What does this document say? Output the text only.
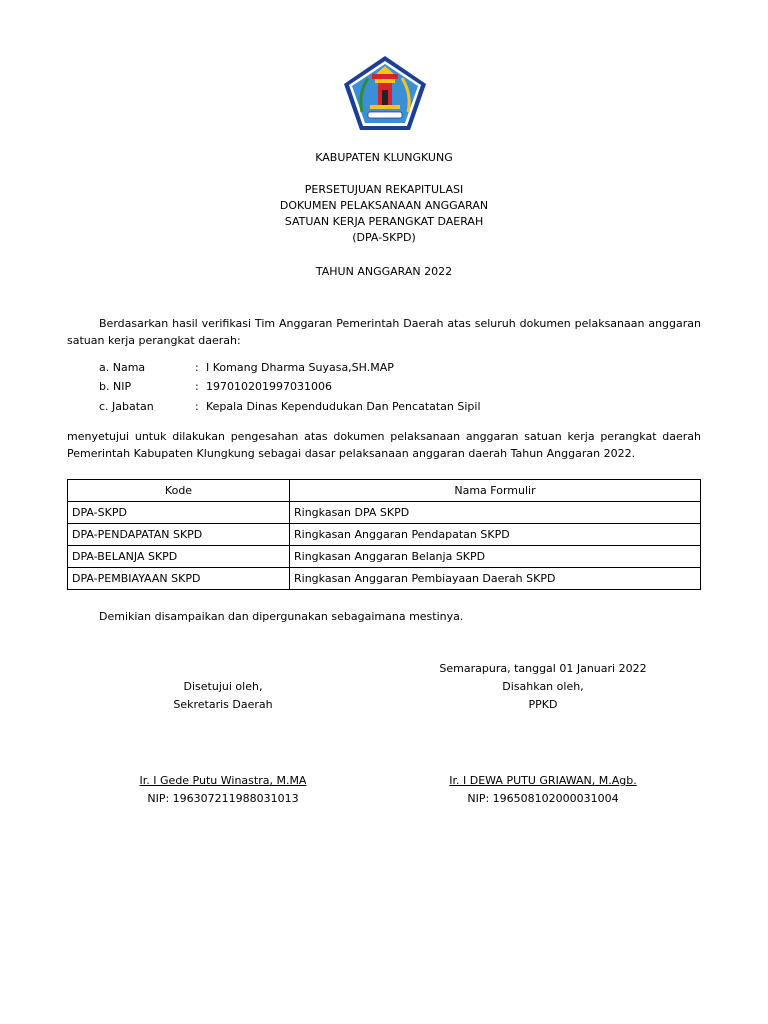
KABUPATEN KLUNGKUNG
PERSETUJUAN REKAPITULASI
DOKUMEN PELAKSANAAN ANGGARAN
SATUAN KERJA PERANGKAT DAERAH
(DPA-SKPD)
TAHUN ANGGARAN 2022
Berdasarkan hasil verifikasi Tim Anggaran Pemerintah Daerah atas seluruh dokumen pelaksanaan anggaran satuan kerja perangkat daerah:
a. Nama	: I Komang Dharma Suyasa,SH.MAP
b. NIP	: 197010201997031006
c. Jabatan	: Kepala Dinas Kependudukan Dan Pencatatan Sipil
menyetujui untuk dilakukan pengesahan atas dokumen pelaksanaan anggaran satuan kerja perangkat daerah Pemerintah Kabupaten Klungkung sebagai dasar pelaksanaan anggaran daerah Tahun Anggaran 2022.
Kode	Nama Formulir
DPA-SKPD	Ringkasan DPA SKPD
DPA-PENDAPATAN SKPD	Ringkasan Anggaran Pendapatan SKPD
DPA-BELANJA SKPD	Ringkasan Anggaran Belanja SKPD
DPA-PEMBIAYAAN SKPD	Ringkasan Anggaran Pembiayaan Daerah SKPD
Demikian disampaikan dan dipergunakan sebagaimana mestinya.
Semarapura, tanggal 01 Januari 2022
Disahkan oleh,
PPKD
Ir. I DEWA PUTU GRIAWAN, M.Agb.
NIP: 196508102000031004
Disetujui oleh,
Sekretaris Daerah
Ir. I Gede Putu Winastra, M.MA
NIP: 196307211988031013
